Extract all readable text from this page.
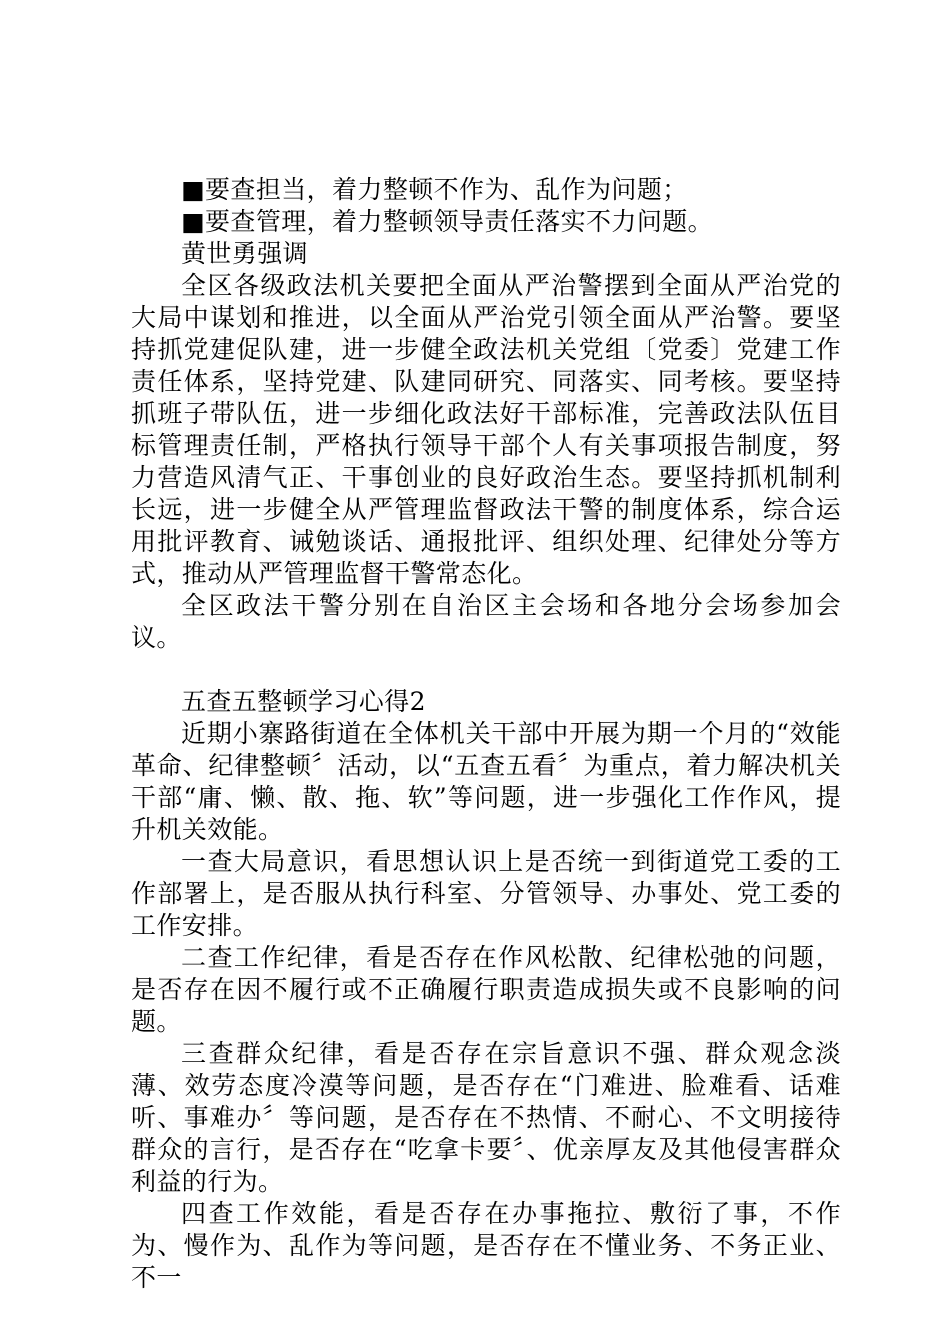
■要查担当，着力整顿不作为、乱作为问题；

■要查管理，着力整顿领导责任落实不力问题。

黄世勇强调

全区各级政法机关要把全面从严治警摆到全面从严治党的大局中谋划和推进，以全面从严治党引领全面从严治警。要坚持抓党建促队建，进一步健全政法机关党组〔党委〕党建工作责任体系，坚持党建、队建同研究、同落实、同考核。要坚持抓班子带队伍，进一步细化政法好干部标准，完善政法队伍目标管理责任制，严格执行领导干部个人有关事项报告制度，努力营造风清气正、干事创业的良好政治生态。要坚持抓机制利长远，进一步健全从严管理监督政法干警的制度体系，综合运用批评教育、诫勉谈话、通报批评、组织处理、纪律处分等方式，推动从严管理监督干警常态化。

全区政法干警分别在自治区主会场和各地分会场参加会议。

五查五整顿学习心得2

近期小寨路街道在全体机关干部中开展为期一个月的“效能革命、纪律整顿〞活动，以“五查五看〞为重点，着力解决机关干部“庸、懒、散、拖、软”等问题，进一步强化工作作风，提升机关效能。

一查大局意识，看思想认识上是否统一到街道党工委的工作部署上，是否服从执行科室、分管领导、办事处、党工委的工作安排。

二查工作纪律，看是否存在作风松散、纪律松弛的问题，是否存在因不履行或不正确履行职责造成损失或不良影响的问题。

三查群众纪律，看是否存在宗旨意识不强、群众观念淡薄、效劳态度冷漠等问题，是否存在“门难进、脸难看、话难听、事难办〞等问题，是否存在不热情、不耐心、不文明接待群众的言行，是否存在“吃拿卡要〞、优亲厚友及其他侵害群众利益的行为。

四查工作效能，看是否存在办事拖拉、敷衍了事，不作为、慢作为、乱作为等问题，是否存在不懂业务、不务正业、不一
